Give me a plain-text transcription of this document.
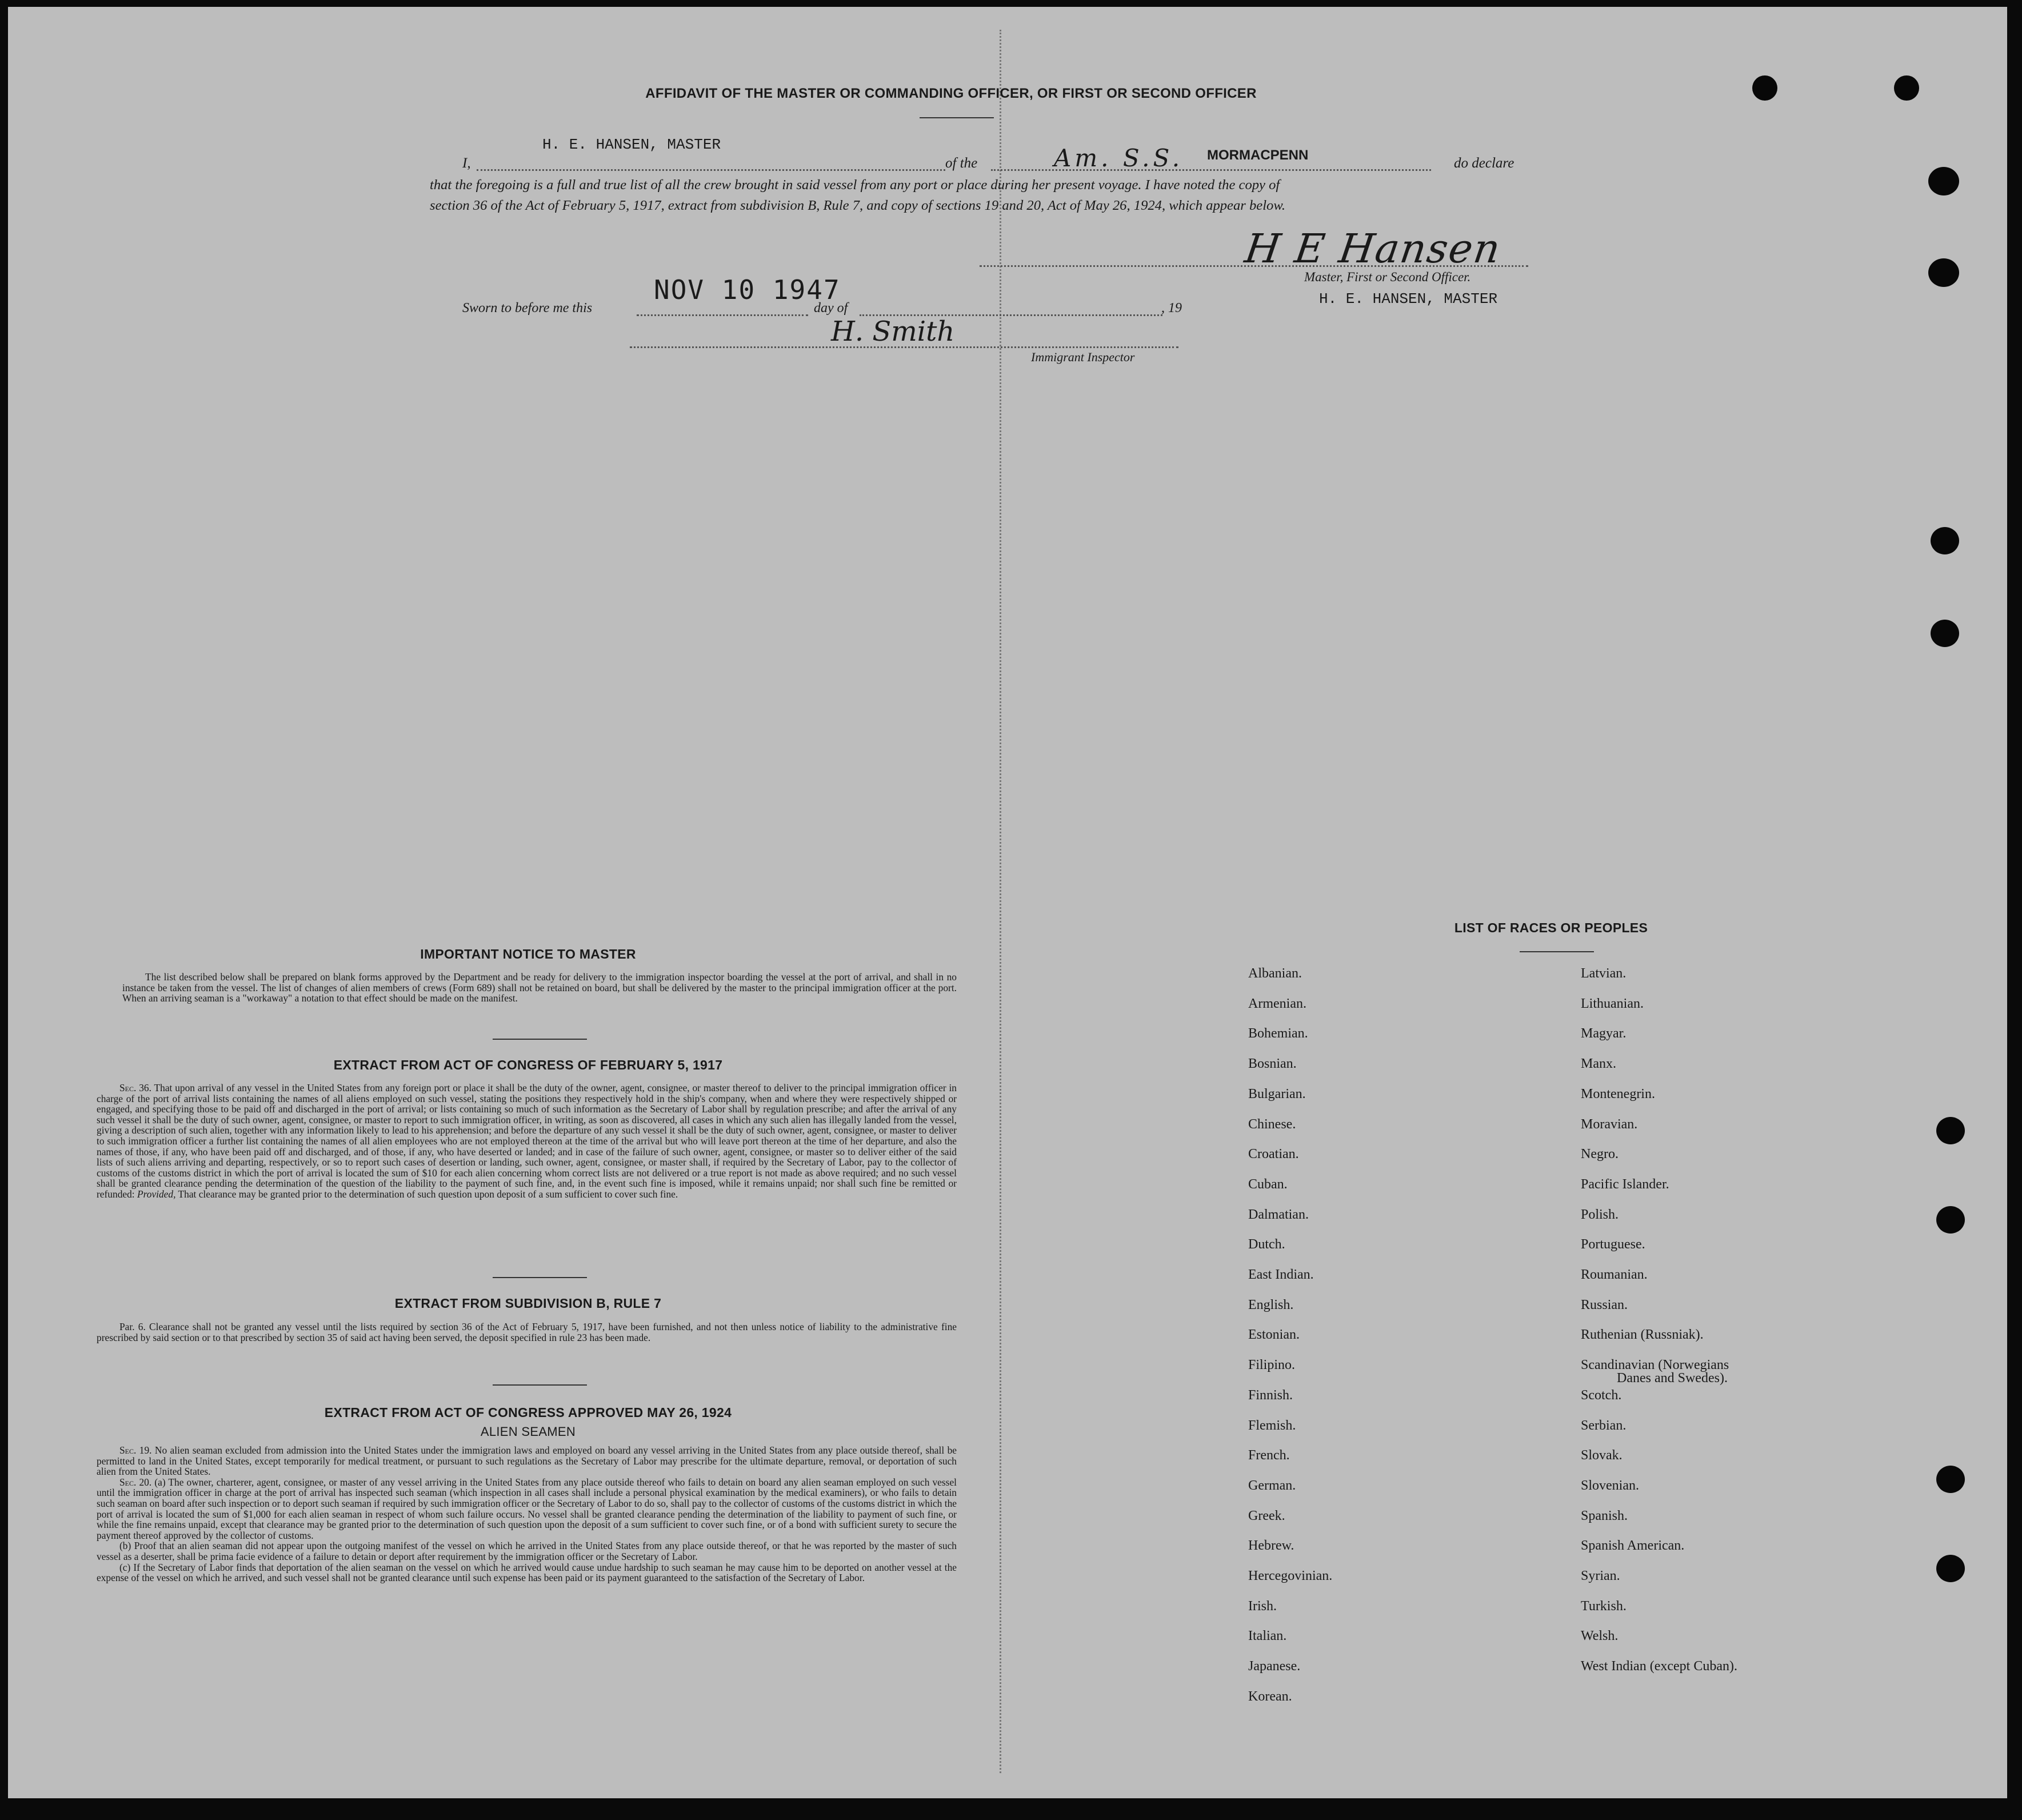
AFFIDAVIT OF THE MASTER OR COMMANDING OFFICER, OR FIRST OR SECOND OFFICER
I,
H. E. HANSEN, MASTER
of the	Am. S.S. MORMACPENN
do declare
that the foregoing is a full and true list of all the crew brought in said vessel from any port or place during her present voyage. I have noted the copy of
section 36 of the Act of February 5, 1917, extract from subdivision B, Rule 7, and copy of sections 19 and 20, Act of May 26, 1924, which appear below.
H E Hansen
Master, First or Second Officer.
H. E. HANSEN, MASTER
Sworn to before me this
NOV 10 1947
day of	, 19
H. Smith
Immigrant Inspector
IMPORTANT NOTICE TO MASTER

The list described below shall be prepared on blank forms approved by the Department and be ready for delivery to the immigration inspector boarding the vessel at the port of arrival, and shall in no instance be taken from the vessel. The list of changes of alien members of crews (Form 689) shall not be retained on board, but shall be delivered by the master to the principal immigration officer at the port. When an arriving seaman is a "workaway" a notation to that effect should be made on the manifest.

EXTRACT FROM ACT OF CONGRESS OF FEBRUARY 5, 1917

Sec. 36. That upon arrival of any vessel in the United States from any foreign port or place it shall be the duty of the owner, agent, consignee, or master thereof to deliver to the principal immigration officer in charge of the port of arrival lists containing the names of all aliens employed on such vessel, stating the positions they respectively hold in the ship's company, when and where they were respectively shipped or engaged, and specifying those to be paid off and discharged in the port of arrival; or lists containing so much of such information as the Secretary of Labor shall by regulation prescribe; and after the arrival of any such vessel it shall be the duty of such owner, agent, consignee, or master to report to such immigration officer, in writing, as soon as discovered, all cases in which any such alien has illegally landed from the vessel, giving a description of such alien, together with any information likely to lead to his apprehension; and before the departure of any such vessel it shall be the duty of such owner, agent, consignee, or master to deliver to such immigration officer a further list containing the names of all alien employees who are not employed thereon at the time of the arrival but who will leave port thereon at the time of her departure, and also the names of those, if any, who have been paid off and discharged, and of those, if any, who have deserted or landed; and in case of the failure of such owner, agent, consignee, or master so to deliver either of the said lists of such aliens arriving and departing, respectively, or so to report such cases of desertion or landing, such owner, agent, consignee, or master shall, if required by the Secretary of Labor, pay to the collector of customs of the customs district in which the port of arrival is located the sum of $10 for each alien concerning whom correct lists are not delivered or a true report is not made as above required; and no such vessel shall be granted clearance pending the determination of the question of the liability to the payment of such fine, and, in the event such fine is imposed, while it remains unpaid; nor shall such fine be remitted or refunded: Provided, That clearance may be granted prior to the determination of such question upon deposit of a sum sufficient to cover such fine.

EXTRACT FROM SUBDIVISION B, RULE 7

Par. 6. Clearance shall not be granted any vessel until the lists required by section 36 of the Act of February 5, 1917, have been furnished, and not then unless notice of liability to the administrative fine prescribed by said section or to that prescribed by section 35 of said act having been served, the deposit specified in rule 23 has been made.

EXTRACT FROM ACT OF CONGRESS APPROVED MAY 26, 1924
ALIEN SEAMEN

Sec. 19. No alien seaman excluded from admission into the United States under the immigration laws and employed on board any vessel arriving in the United States from any place outside thereof, shall be permitted to land in the United States, except temporarily for medical treatment, or pursuant to such regulations as the Secretary of Labor may prescribe for the ultimate departure, removal, or deportation of such alien from the United States.

Sec. 20. (a) The owner, charterer, agent, consignee, or master of any vessel arriving in the United States from any place outside thereof who fails to detain on board any alien seaman employed on such vessel until the immigration officer in charge at the port of arrival has inspected such seaman (which inspection in all cases shall include a personal physical examination by the medical examiners), or who fails to detain such seaman on board after such inspection or to deport such seaman if required by such immigration officer or the Secretary of Labor to do so, shall pay to the collector of customs of the customs district in which the port of arrival is located the sum of $1,000 for each alien seaman in respect of whom such failure occurs. No vessel shall be granted clearance pending the determination of the liability to payment of such fine, or while the fine remains unpaid, except that clearance may be granted prior to the determination of such question upon the deposit of a sum sufficient to cover such fine, or of a bond with sufficient surety to secure the payment thereof approved by the collector of customs.

(b) Proof that an alien seaman did not appear upon the outgoing manifest of the vessel on which he arrived in the United States from any place outside thereof, or that he was reported by the master of such vessel as a deserter, shall be prima facie evidence of a failure to detain or deport after requirement by the immigration officer or the Secretary of Labor.

(c) If the Secretary of Labor finds that deportation of the alien seaman on the vessel on which he arrived would cause undue hardship to such seaman he may cause him to be deported on another vessel at the expense of the vessel on which he arrived, and such vessel shall not be granted clearance until such expense has been paid or its payment guaranteed to the satisfaction of the Secretary of Labor.

LIST OF RACES OR PEOPLES
Danes and Swedes).
Albanian.
Armenian.
Bohemian.
Bosnian.
Bulgarian.
Chinese.
Croatian.
Cuban.
Dalmatian.
Dutch.
East Indian.
English.
Estonian.
Filipino.
Finnish.
Flemish.
French.
German.
Greek.
Hebrew.
Hercegovinian.
Irish.
Italian.
Japanese.
Korean.
Latvian.
Lithuanian.
Magyar.
Manx.
Montenegrin.
Moravian.
Negro.
Pacific Islander.
Polish.
Portuguese.
Roumanian.
Russian.
Ruthenian (Russniak).
Scandinavian (Norwegians
Scotch.
Serbian.
Slovak.
Slovenian.
Spanish.
Spanish American.
Syrian.
Turkish.
Welsh.
West Indian (except Cuban).
